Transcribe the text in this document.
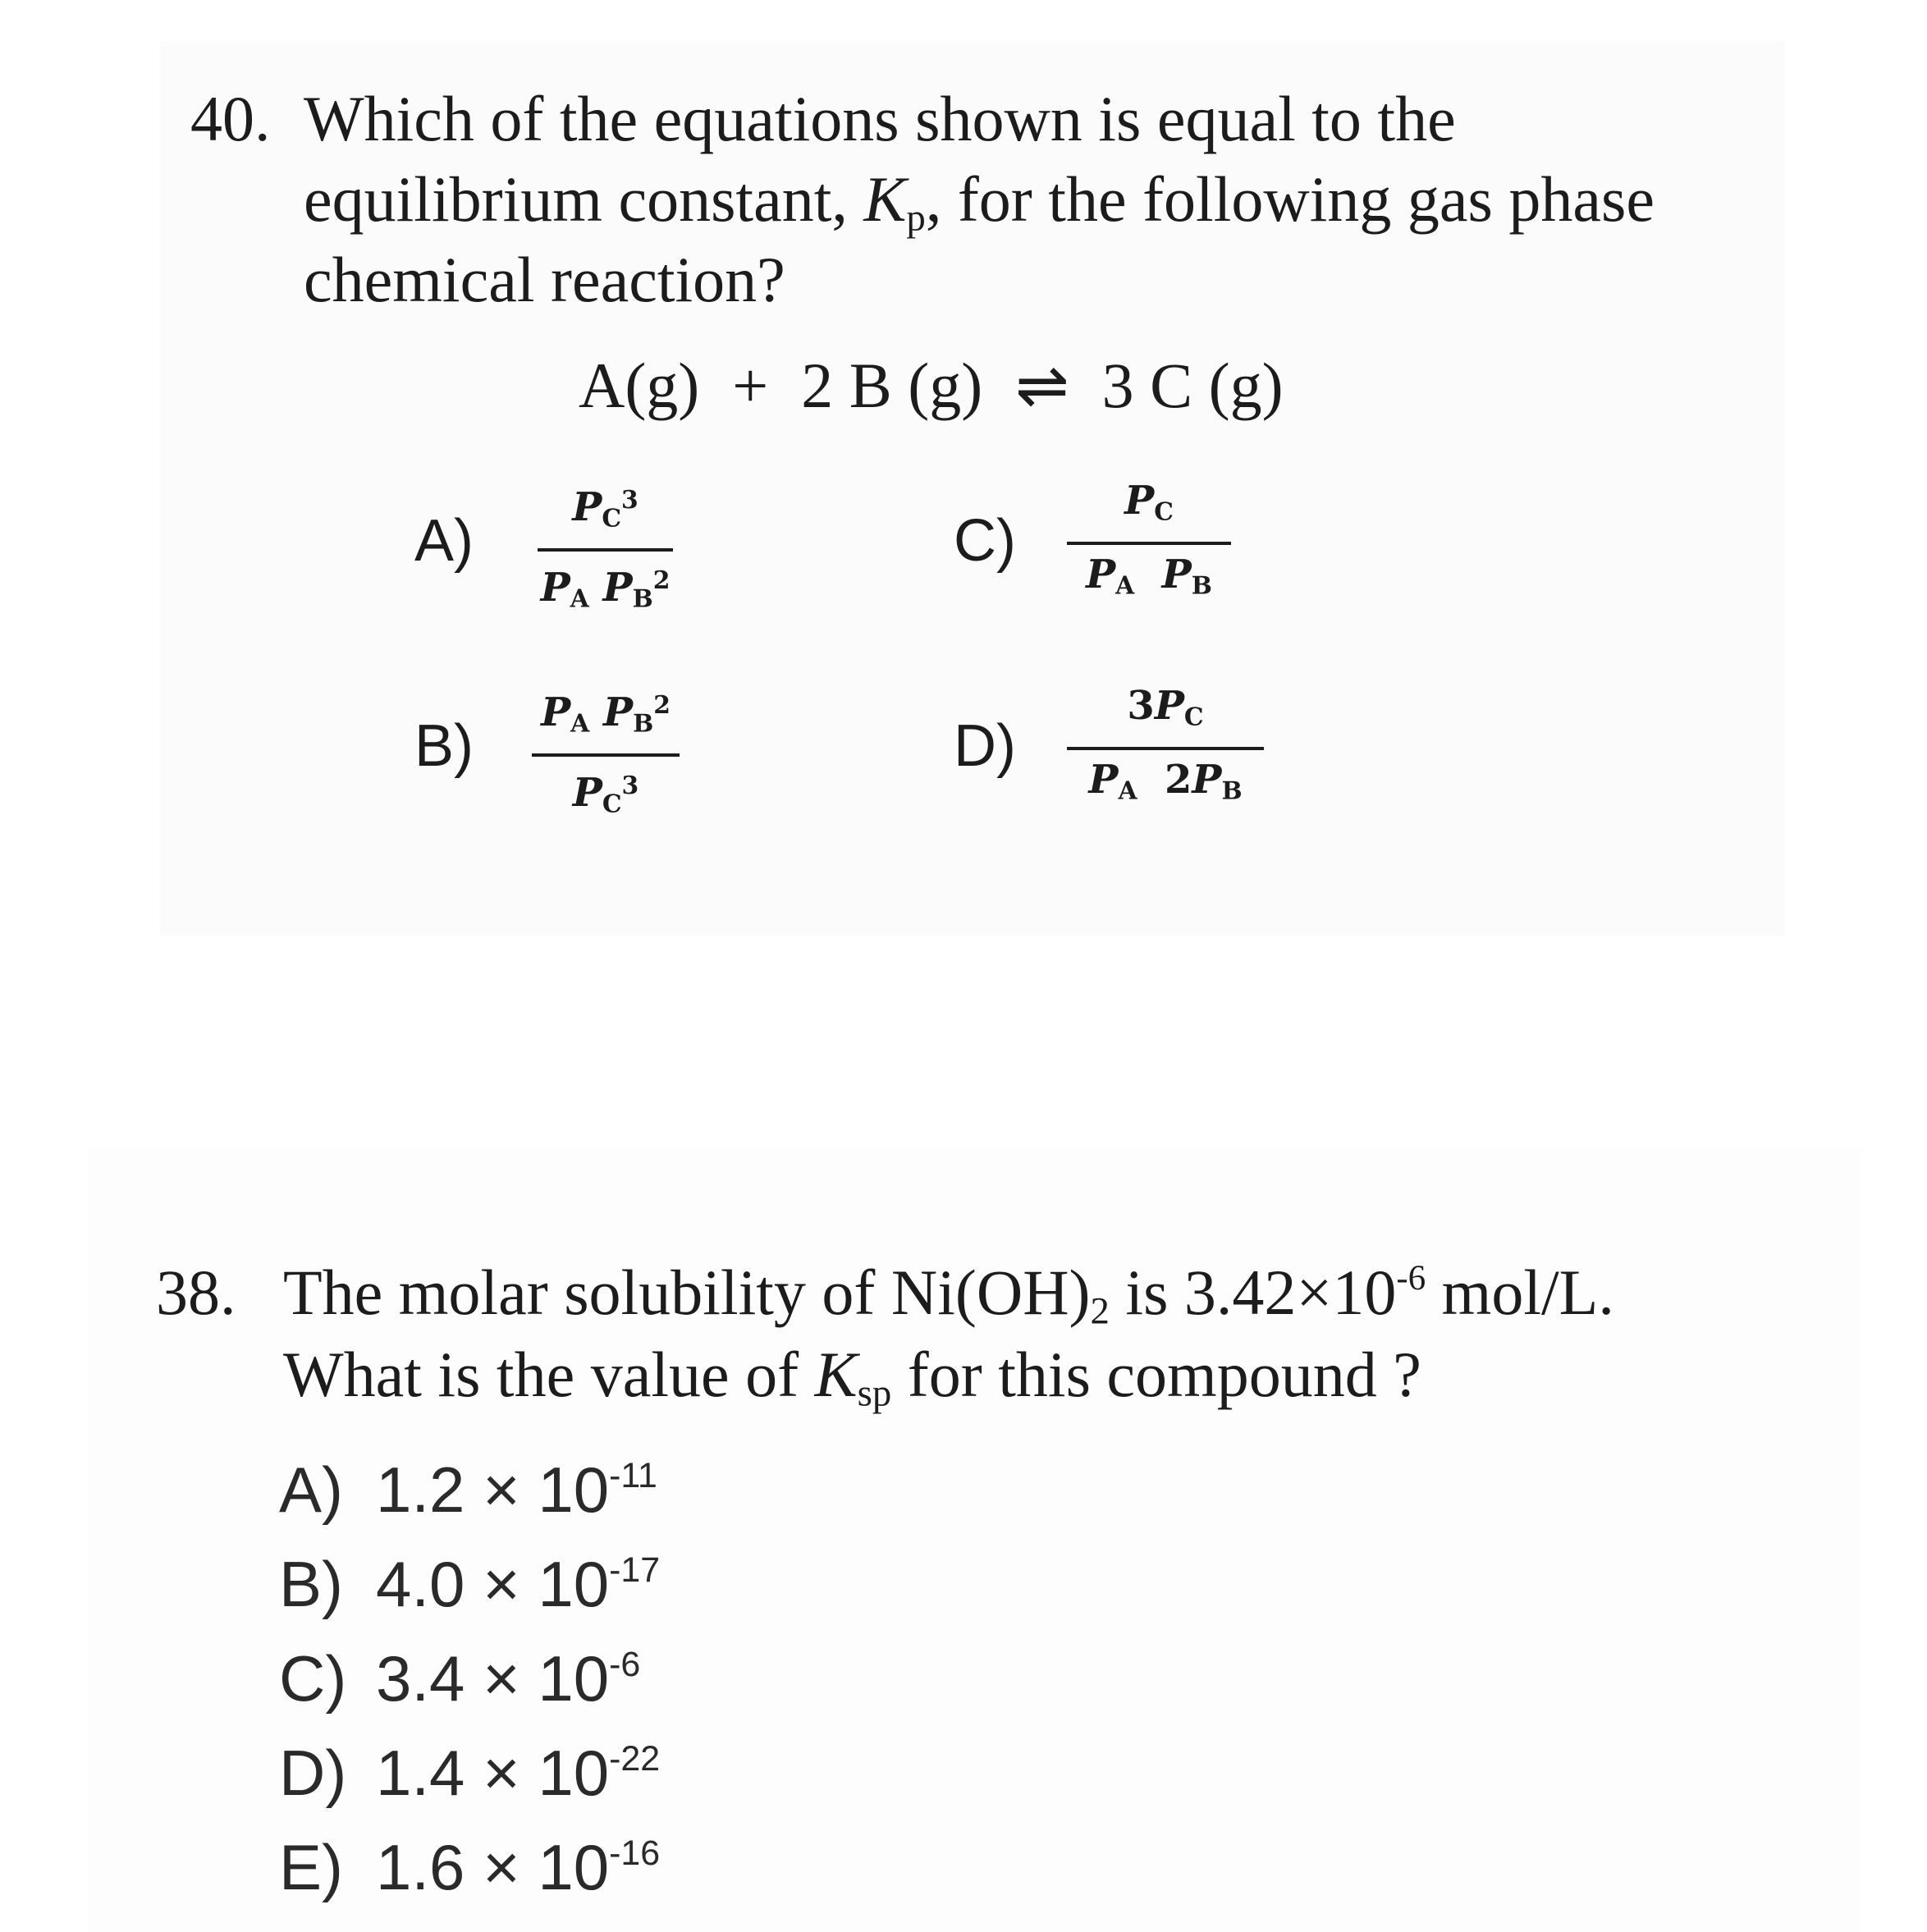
40. Which of the equations shown is equal to the
equilibrium constant, $K_p$, for the following gas phase
chemical reaction?
A(g) + 2 B (g) ⇌ 3 C (g)
A)
$PC^3$
PA $PB^2$
C)
PC
PA PB
B)
PA $PB^2$
$PC^3$
D)
3PC
PA 2PB
38. The molar solubility of $Ni(OH)_2$ is $3.42\times 10^{-6}$ mol/L.
What is the value of $K_{sp}$ for this compound ?
A) $1.2 \times 10^{-11}$
B) $4.0 \times 10^{-17}$
C) $3.4 \times 10^{-6}$
D) $1.4 \times 10^{-22}$
E) $1.6 \times 10^{-16}$
